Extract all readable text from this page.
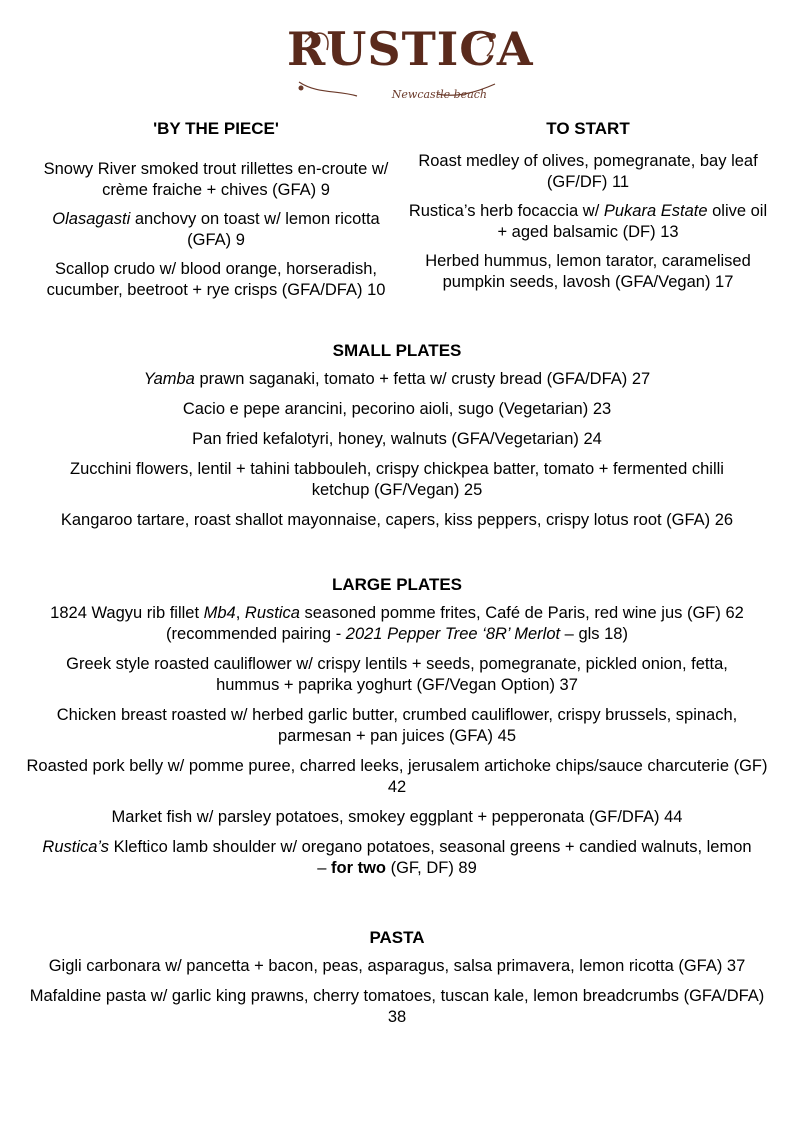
RUSTICA
Newcastle beach

'BY THE PIECE'

Snowy River smoked trout rillettes en-croute w/ crème fraiche + chives (GFA) 9

Olasagasti anchovy on toast w/ lemon ricotta (GFA) 9

Scallop crudo w/ blood orange, horseradish, cucumber, beetroot + rye crisps (GFA/DFA) 10

TO START

Roast medley of olives, pomegranate, bay leaf (GF/DF) 11

Rustica’s herb focaccia w/ Pukara Estate olive oil + aged balsamic (DF) 13

Herbed hummus, lemon tarator, caramelised pumpkin seeds, lavosh (GFA/Vegan) 17

SMALL PLATES

Yamba prawn saganaki, tomato + fetta w/ crusty bread (GFA/DFA) 27

Cacio e pepe arancini, pecorino aioli, sugo (Vegetarian) 23

Pan fried kefalotyri, honey, walnuts (GFA/Vegetarian) 24

Zucchini flowers, lentil + tahini tabbouleh, crispy chickpea batter, tomato + fermented chilli ketchup (GF/Vegan) 25

Kangaroo tartare, roast shallot mayonnaise, capers, kiss peppers, crispy lotus root (GFA) 26

LARGE PLATES

1824 Wagyu rib fillet Mb4, Rustica seasoned pomme frites, Café de Paris, red wine jus (GF) 62 (recommended pairing - 2021 Pepper Tree ‘8R’ Merlot – gls 18)

Greek style roasted cauliflower w/ crispy lentils + seeds, pomegranate, pickled onion, fetta, hummus + paprika yoghurt (GF/Vegan Option) 37

Chicken breast roasted w/ herbed garlic butter, crumbed cauliflower, crispy brussels, spinach, parmesan + pan juices (GFA) 45

Roasted pork belly w/ pomme puree, charred leeks, jerusalem artichoke chips/sauce charcuterie (GF) 42

Market fish w/ parsley potatoes, smokey eggplant + pepperonata (GF/DFA) 44

Rustica’s Kleftico lamb shoulder w/ oregano potatoes, seasonal greens + candied walnuts, lemon – for two (GF, DF) 89

PASTA

Gigli carbonara w/ pancetta + bacon, peas, asparagus, salsa primavera, lemon ricotta (GFA) 37

Mafaldine pasta w/ garlic king prawns, cherry tomatoes, tuscan kale, lemon breadcrumbs (GFA/DFA) 38
